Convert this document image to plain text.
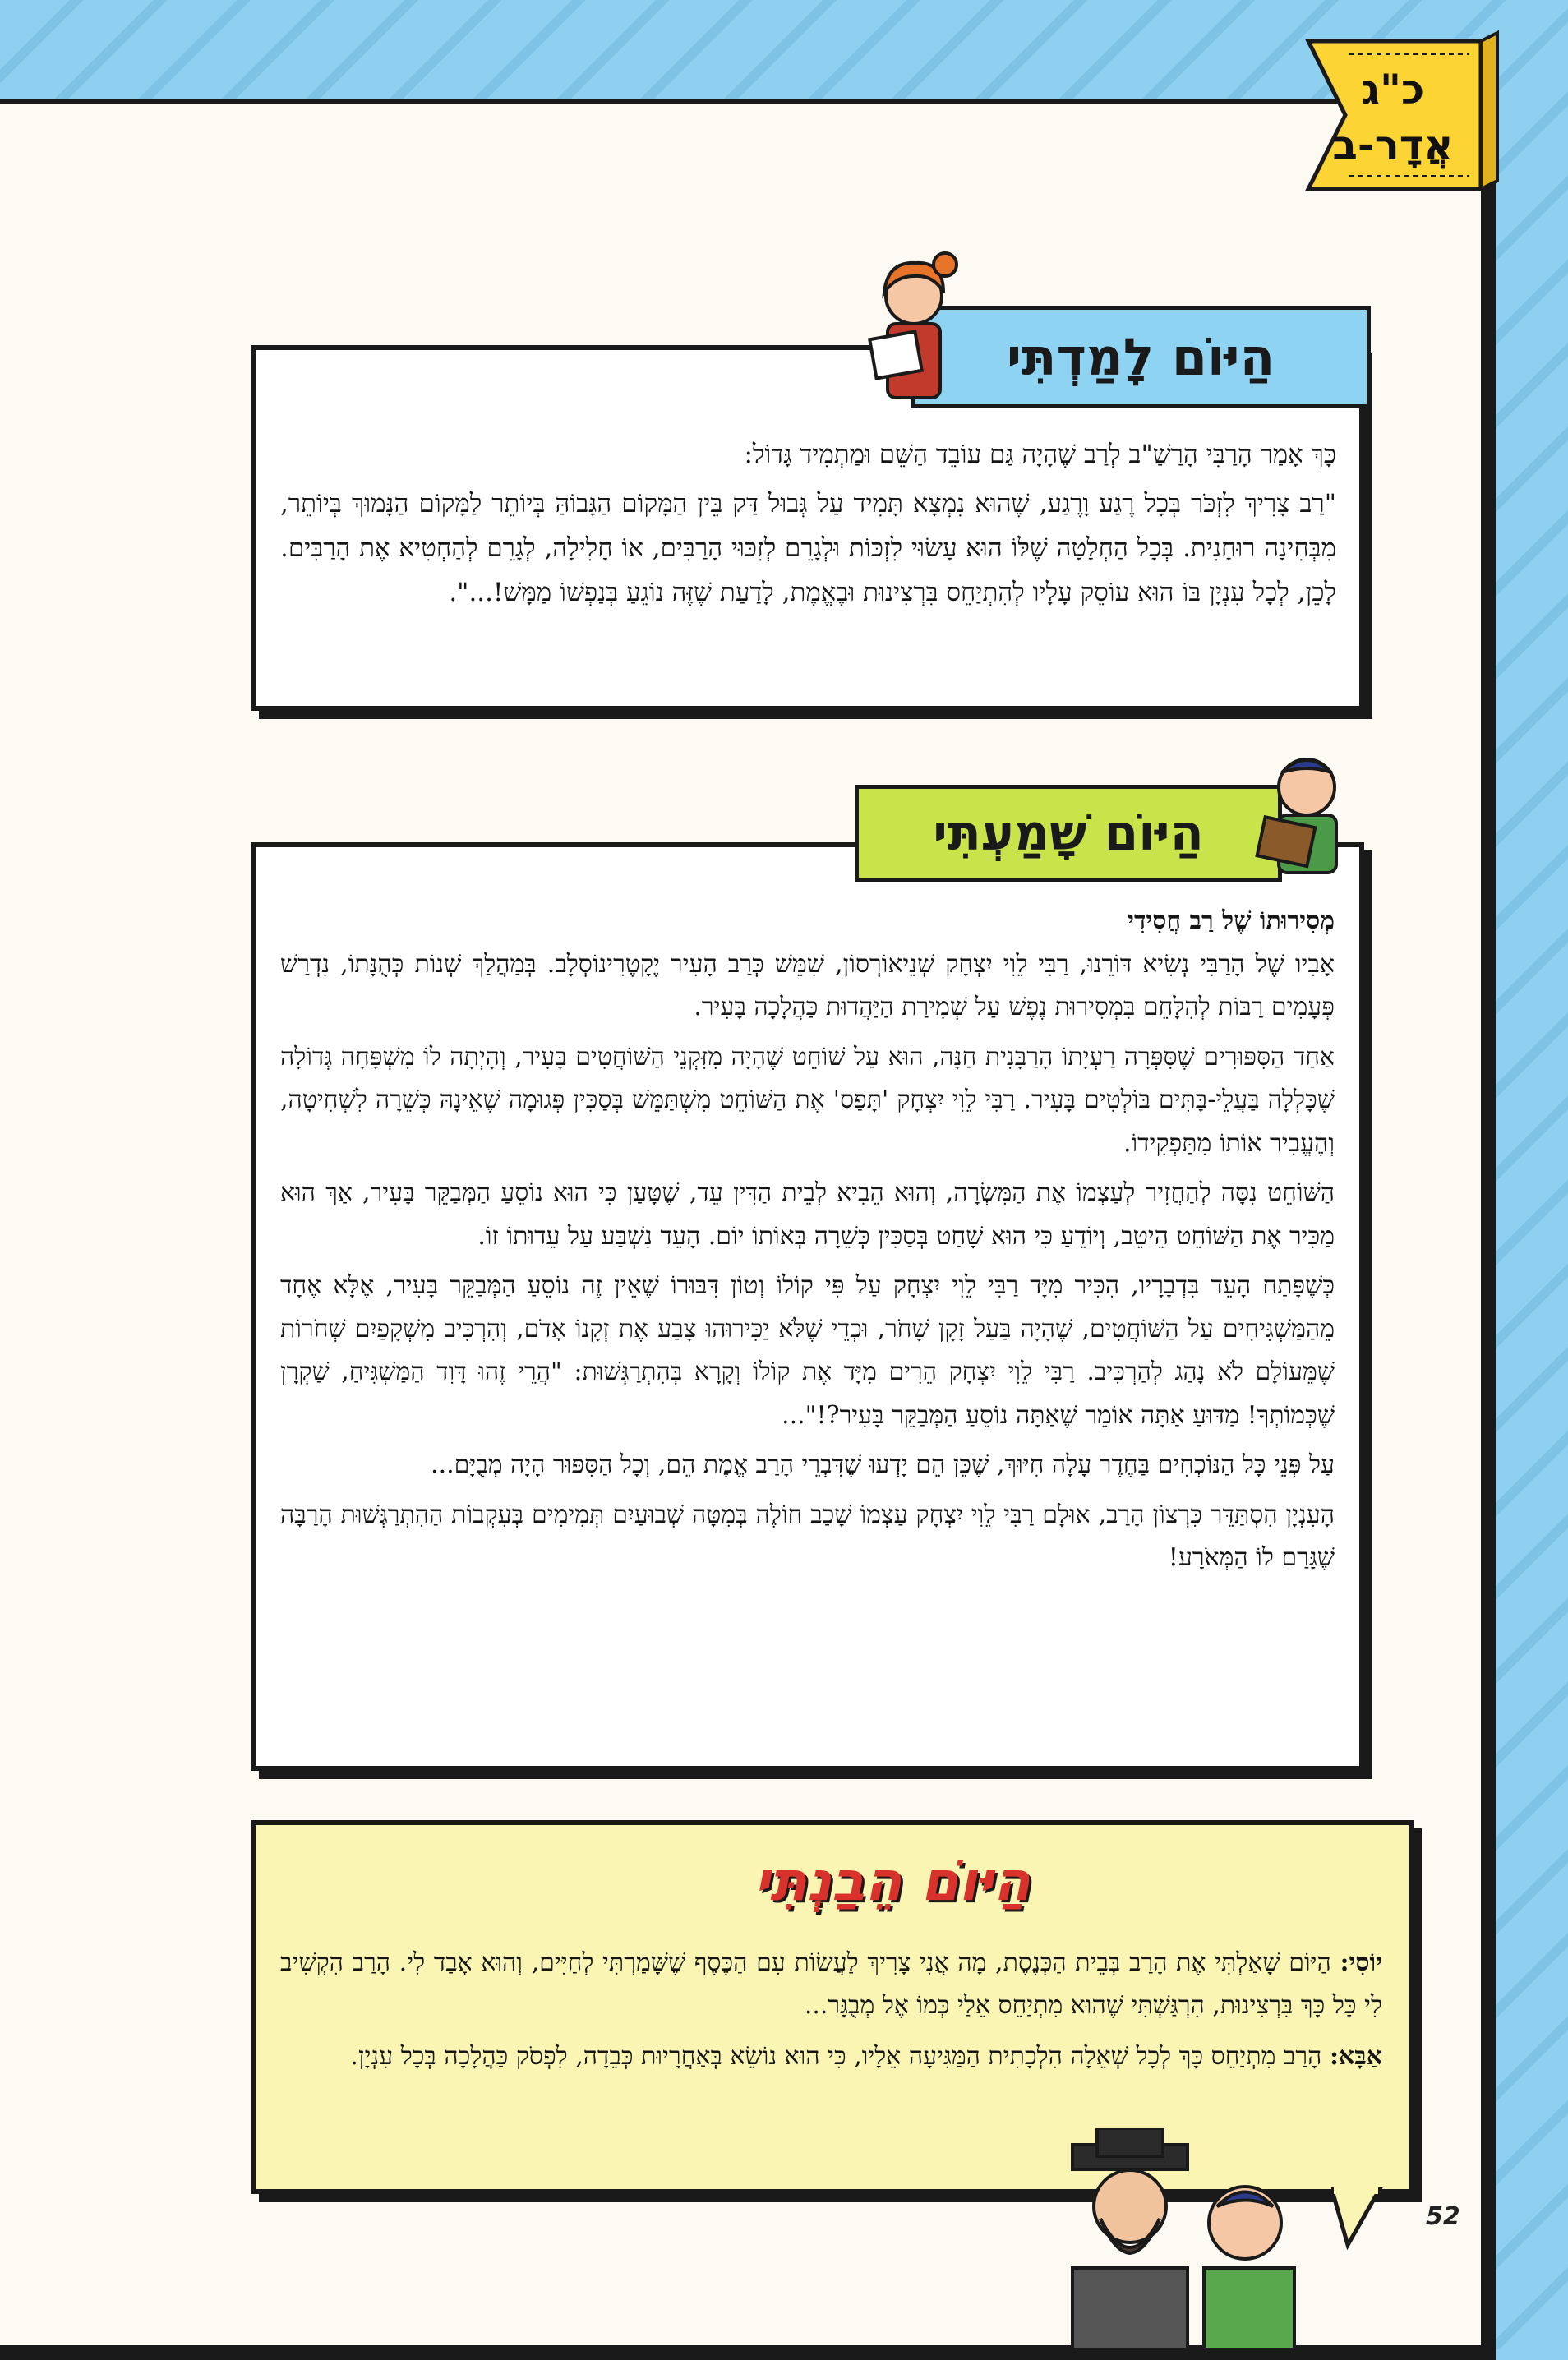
כ"ג
אֲדָר-ב

כָּךְ אָמַר הָרַבִּי הָרַשַׁ"ב לְרַב שֶׁהָיָה גַּם עוֹבֵד הַשֵּׁם וּמַתְמִיד גָּדוֹל:

"רַב צָרִיךְ לִזְכֹּר בְּכָל רֶגַע וָרֶגַע, שֶׁהוּא נִמְצָא תָּמִיד עַל גְּבוּל דַּק בֵּין הַמָּקוֹם הַגָּבוֹהַּ בְּיוֹתֵר לַמָּקוֹם הַנָּמוּךְ בְּיוֹתֵר, מִבְּחִינָה רוּחָנִית. בְּכָל הַחְלָטָה שֶׁלּוֹ הוּא עָשׂוּי לִזְכּוֹת וּלְגָרֵם לְזִכּוּי הָרַבִּים, אוֹ חָלִילָה, לְגָרֵם לְהַחְטִיא אֶת הָרַבִּים. לָכֵן, לְכָל עִנְיָן בּוֹ הוּא עוֹסֵק עָלָיו לְהִתְיַחֵס בִּרְצִינוּת וּבֶאֱמֶת, לָדַעַת שֶׁזֶּה נוֹגֵעַ בְּנַפְשׁוֹ מַמָּשׁ!...".

הַיּוֹם לָמַדְתִּי

מְסִירוּתוֹ שֶׁל רַב חֲסִידִי

אָבִיו שֶׁל הָרַבִּי נְשִׂיא דּוֹרֵנוּ, רַבִּי לֵוִי יִצְחָק שְׁנֵיאוֹרְסוֹן, שִׁמֵּשׁ כְּרַב הָעִיר יֶקָטֶרִינוֹסְלָב. בְּמַהֲלַךְ שְׁנוֹת כְּהֻנָּתוֹ, נִדְרַשׁ פְּעָמִים רַבּוֹת לְהִלָּחֵם בִּמְסִירוּת נֶפֶשׁ עַל שְׁמִירַת הַיַּהֲדוּת כַּהֲלָכָה בָּעִיר.

אַחַד הַסִּפּוּרִים שֶׁסִּפְּרָה רַעְיָתוֹ הָרַבָּנִית חַנָּה, הוּא עַל שׁוֹחֵט שֶׁהָיָה מִזִּקְנֵי הַשּׁוֹחֲטִים בָּעִיר, וְהָיְתָה לוֹ מִשְׁפָּחָה גְּדוֹלָה שֶׁכָּלְלָה בַּעֲלֵי-בָּתִּים בּוֹלְטִים בָּעִיר. רַבִּי לֵוִי יִצְחָק 'תָּפַס' אֶת הַשּׁוֹחֵט מִשְׁתַּמֵּשׁ בְּסַכִּין פְּגוּמָה שֶׁאֵינָהּ כְּשֵׁרָה לִשְׁחִיטָה, וְהֶעֱבִיר אוֹתוֹ מִתַּפְקִידוֹ.

הַשּׁוֹחֵט נִסָּה לְהַחֲזִיר לְעַצְמוֹ אֶת הַמִּשְׂרָה, וְהוּא הֵבִיא לְבֵית הַדִּין עֵד, שֶׁטָּעַן כִּי הוּא נוֹסֵעַ הַמְּבַקֵּר בָּעִיר, אַךְ הוּא מַכִּיר אֶת הַשּׁוֹחֵט הֵיטֵב, וְיוֹדֵעַ כִּי הוּא שָׁחַט בְּסַכִּין כְּשֵׁרָה בְּאוֹתוֹ יוֹם. הָעֵד נִשְׁבַּע עַל עֵדוּתוֹ זוֹ.

כְּשֶׁפָּתַח הָעֵד בִּדְבָרָיו, הִכִּיר מִיָּד רַבִּי לֵוִי יִצְחָק עַל פִּי קוֹלוֹ וְטוֹן דִּבּוּרוֹ שֶׁאֵין זֶה נוֹסֵעַ הַמְּבַקֵּר בָּעִיר, אֶלָּא אֶחָד מֵהַמַּשְׁגִּיחִים עַל הַשּׁוֹחֲטִים, שֶׁהָיָה בַּעַל זָקָן שָׁחֹר, וּכְדֵי שֶׁלֹּא יַכִּירוּהוּ צָבַע אֶת זְקָנוֹ אָדֹם, וְהִרְכִּיב מִשְׁקָפַיִם שְׁחֹרוֹת שֶׁמֵּעוֹלָם לֹא נָהַג לְהַרְכִּיב. רַבִּי לֵוִי יִצְחָק הֵרִים מִיָּד אֶת קוֹלוֹ וְקָרָא בְּהִתְרַגְּשׁוּת: "הֲרֵי זֶהוּ דָּוִד הַמַּשְׁגִּיחַ, שַׁקְרָן שֶׁכְּמוֹתְךָ! מַדּוּעַ אַתָּה אוֹמֵר שֶׁאַתָּה נוֹסֵעַ הַמְּבַקֵּר בָּעִיר?!"...

עַל פְּנֵי כָּל הַנּוֹכְחִים בַּחֶדֶר עָלָה חִיּוּךְ, שֶׁכֵּן הֵם יָדְעוּ שֶׁדִּבְרֵי הָרַב אֱמֶת הֵם, וְכָל הַסִּפּוּר הָיָה מְבֻיָּם...

הָעִנְיָן הִסְתַּדֵּר כִּרְצוֹן הָרַב, אוּלָם רַבִּי לֵוִי יִצְחָק עַצְמוֹ שָׁכַב חוֹלֶה בְּמִטָּה שְׁבוּעַיִם תְּמִימִים בְּעִקְבוֹת הַהִתְרַגְּשׁוּת הָרַבָּה שֶׁגָּרַם לוֹ הַמְּאֹרָע!

הַיּוֹם שָׁמַעְתִּי
הַיּוֹם הֵבַנְתִּי

יוֹסִי: הַיּוֹם שָׁאַלְתִּי אֶת הָרַב בְּבֵית הַכְּנֶסֶת, מָה אֲנִי צָרִיךְ לַעֲשׂוֹת עִם הַכֶּסֶף שֶׁשָּׁמַרְתִּי לְחַיִּים, וְהוּא אָבַד לִי. הָרַב הִקְשִׁיב לִי כָּל כָּךְ בִּרְצִינוּת, הִרְגַּשְׁתִּי שֶׁהוּא מִתְיַחֵס אֵלַי כְּמוֹ אֶל מְבֻגָּר...

אַבָּא: הָרַב מִתְיַחֵס כָּךְ לְכָל שְׁאֵלָה הִלְכָתִית הַמַּגִּיעָה אֵלָיו, כִּי הוּא נוֹשֵׂא בְּאַחֲרָיוּת כְּבֵדָה, לִפְסֹק כַּהֲלָכָה בְּכָל עִנְיָן.

52
